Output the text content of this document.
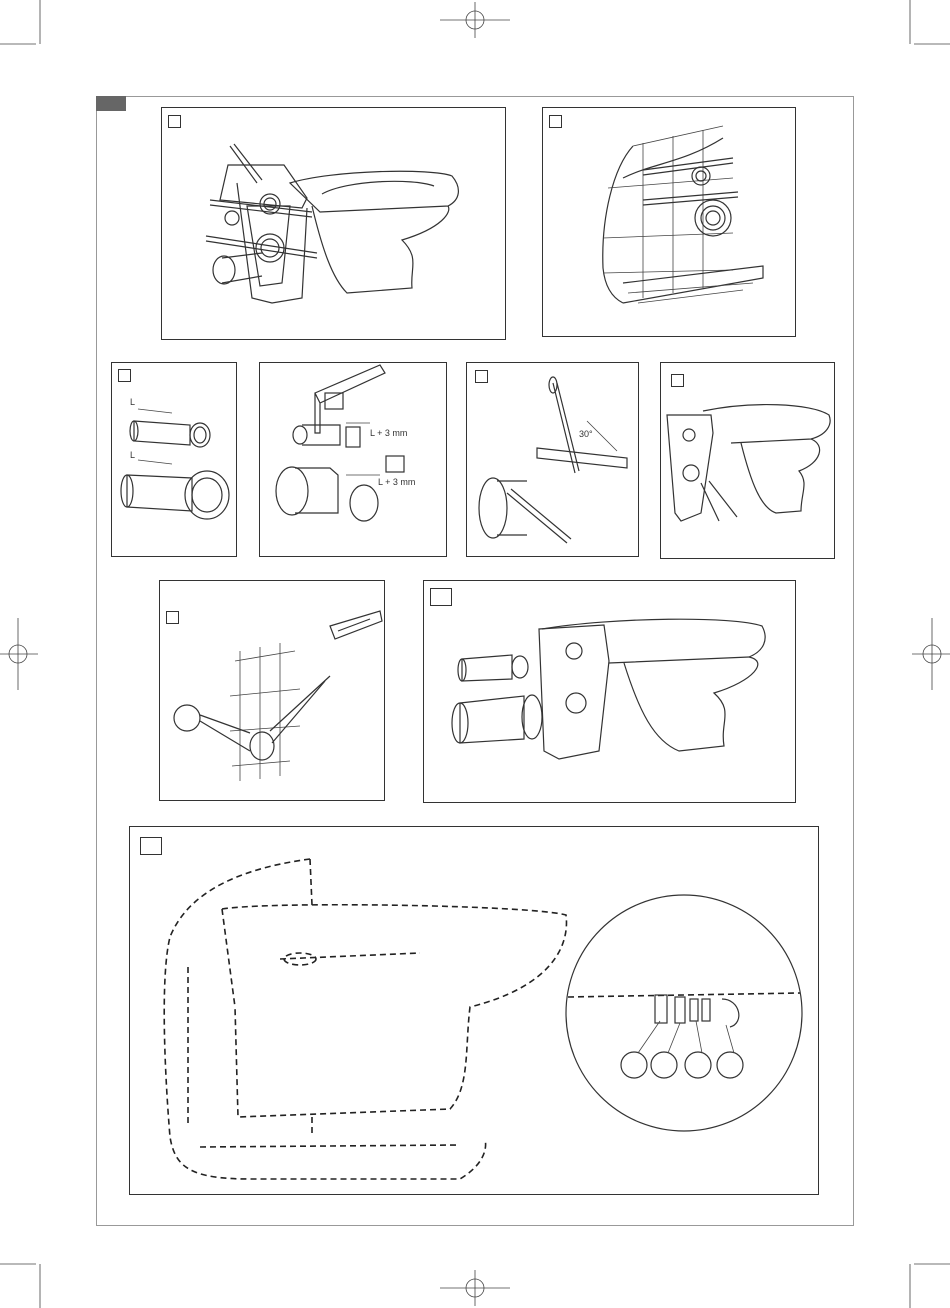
L
L
L + 3 mm
L + 3 mm
30°
